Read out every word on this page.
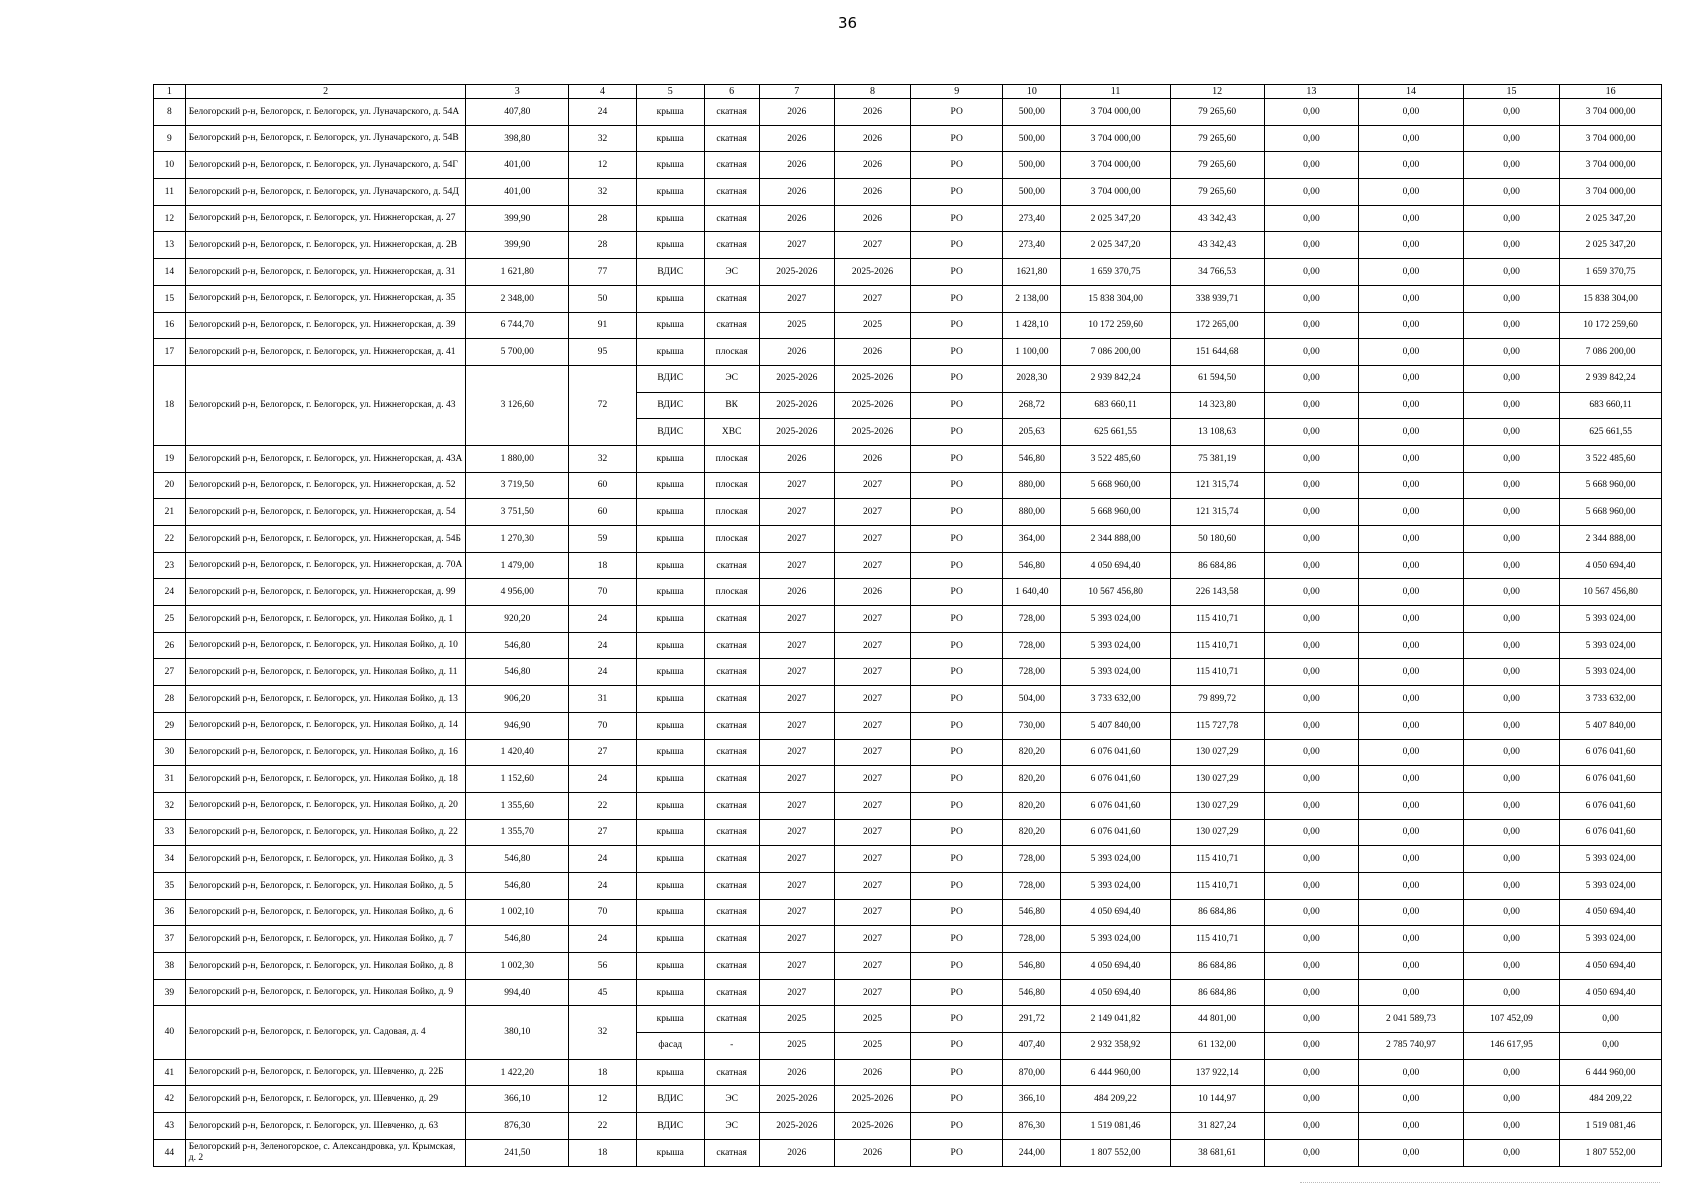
36
1	2	3	4	5	6	7	8	9	10	11	12	13	14	15	16
8	Белогорский р-н, Белогорск, г. Белогорск, ул. Луначарского, д. 54А	407,80	24	крыша	скатная	2026	2026	РО	500,00	3 704 000,00	79 265,60	0,00	0,00	0,00	3 704 000,00
9	Белогорский р-н, Белогорск, г. Белогорск, ул. Луначарского, д. 54В	398,80	32	крыша	скатная	2026	2026	РО	500,00	3 704 000,00	79 265,60	0,00	0,00	0,00	3 704 000,00
10	Белогорский р-н, Белогорск, г. Белогорск, ул. Луначарского, д. 54Г	401,00	12	крыша	скатная	2026	2026	РО	500,00	3 704 000,00	79 265,60	0,00	0,00	0,00	3 704 000,00
11	Белогорский р-н, Белогорск, г. Белогорск, ул. Луначарского, д. 54Д	401,00	32	крыша	скатная	2026	2026	РО	500,00	3 704 000,00	79 265,60	0,00	0,00	0,00	3 704 000,00
12	Белогорский р-н, Белогорск, г. Белогорск, ул. Нижнегорская, д. 27	399,90	28	крыша	скатная	2026	2026	РО	273,40	2 025 347,20	43 342,43	0,00	0,00	0,00	2 025 347,20
13	Белогорский р-н, Белогорск, г. Белогорск, ул. Нижнегорская, д. 2В	399,90	28	крыша	скатная	2027	2027	РО	273,40	2 025 347,20	43 342,43	0,00	0,00	0,00	2 025 347,20
14	Белогорский р-н, Белогорск, г. Белогорск, ул. Нижнегорская, д. 31	1 621,80	77	ВДИС	ЭС	2025-2026	2025-2026	РО	1621,80	1 659 370,75	34 766,53	0,00	0,00	0,00	1 659 370,75
15	Белогорский р-н, Белогорск, г. Белогорск, ул. Нижнегорская, д. 35	2 348,00	50	крыша	скатная	2027	2027	РО	2 138,00	15 838 304,00	338 939,71	0,00	0,00	0,00	15 838 304,00
16	Белогорский р-н, Белогорск, г. Белогорск, ул. Нижнегорская, д. 39	6 744,70	91	крыша	скатная	2025	2025	РО	1 428,10	10 172 259,60	172 265,00	0,00	0,00	0,00	10 172 259,60
17	Белогорский р-н, Белогорск, г. Белогорск, ул. Нижнегорская, д. 41	5 700,00	95	крыша	плоская	2026	2026	РО	1 100,00	7 086 200,00	151 644,68	0,00	0,00	0,00	7 086 200,00
18	Белогорский р-н, Белогорск, г. Белогорск, ул. Нижнегорская, д. 43	3 126,60	72	ВДИС	ЭС	2025-2026	2025-2026	РО	2028,30	2 939 842,24	61 594,50	0,00	0,00	0,00	2 939 842,24
				ВДИС	ВК	2025-2026	2025-2026	РО	268,72	683 660,11	14 323,80	0,00	0,00	0,00	683 660,11
				ВДИС	ХВС	2025-2026	2025-2026	РО	205,63	625 661,55	13 108,63	0,00	0,00	0,00	625 661,55
19	Белогорский р-н, Белогорск, г. Белогорск, ул. Нижнегорская, д. 43А	1 880,00	32	крыша	плоская	2026	2026	РО	546,80	3 522 485,60	75 381,19	0,00	0,00	0,00	3 522 485,60
20	Белогорский р-н, Белогорск, г. Белогорск, ул. Нижнегорская, д. 52	3 719,50	60	крыша	плоская	2027	2027	РО	880,00	5 668 960,00	121 315,74	0,00	0,00	0,00	5 668 960,00
21	Белогорский р-н, Белогорск, г. Белогорск, ул. Нижнегорская, д. 54	3 751,50	60	крыша	плоская	2027	2027	РО	880,00	5 668 960,00	121 315,74	0,00	0,00	0,00	5 668 960,00
22	Белогорский р-н, Белогорск, г. Белогорск, ул. Нижнегорская, д. 54Б	1 270,30	59	крыша	плоская	2027	2027	РО	364,00	2 344 888,00	50 180,60	0,00	0,00	0,00	2 344 888,00
23	Белогорский р-н, Белогорск, г. Белогорск, ул. Нижнегорская, д. 70А	1 479,00	18	крыша	скатная	2027	2027	РО	546,80	4 050 694,40	86 684,86	0,00	0,00	0,00	4 050 694,40
24	Белогорский р-н, Белогорск, г. Белогорск, ул. Нижнегорская, д. 99	4 956,00	70	крыша	плоская	2026	2026	РО	1 640,40	10 567 456,80	226 143,58	0,00	0,00	0,00	10 567 456,80
25	Белогорский р-н, Белогорск, г. Белогорск, ул. Николая Бойко, д. 1	920,20	24	крыша	скатная	2027	2027	РО	728,00	5 393 024,00	115 410,71	0,00	0,00	0,00	5 393 024,00
26	Белогорский р-н, Белогорск, г. Белогорск, ул. Николая Бойко, д. 10	546,80	24	крыша	скатная	2027	2027	РО	728,00	5 393 024,00	115 410,71	0,00	0,00	0,00	5 393 024,00
27	Белогорский р-н, Белогорск, г. Белогорск, ул. Николая Бойко, д. 11	546,80	24	крыша	скатная	2027	2027	РО	728,00	5 393 024,00	115 410,71	0,00	0,00	0,00	5 393 024,00
28	Белогорский р-н, Белогорск, г. Белогорск, ул. Николая Бойко, д. 13	906,20	31	крыша	скатная	2027	2027	РО	504,00	3 733 632,00	79 899,72	0,00	0,00	0,00	3 733 632,00
29	Белогорский р-н, Белогорск, г. Белогорск, ул. Николая Бойко, д. 14	946,90	70	крыша	скатная	2027	2027	РО	730,00	5 407 840,00	115 727,78	0,00	0,00	0,00	5 407 840,00
30	Белогорский р-н, Белогорск, г. Белогорск, ул. Николая Бойко, д. 16	1 420,40	27	крыша	скатная	2027	2027	РО	820,20	6 076 041,60	130 027,29	0,00	0,00	0,00	6 076 041,60
31	Белогорский р-н, Белогорск, г. Белогорск, ул. Николая Бойко, д. 18	1 152,60	24	крыша	скатная	2027	2027	РО	820,20	6 076 041,60	130 027,29	0,00	0,00	0,00	6 076 041,60
32	Белогорский р-н, Белогорск, г. Белогорск, ул. Николая Бойко, д. 20	1 355,60	22	крыша	скатная	2027	2027	РО	820,20	6 076 041,60	130 027,29	0,00	0,00	0,00	6 076 041,60
33	Белогорский р-н, Белогорск, г. Белогорск, ул. Николая Бойко, д. 22	1 355,70	27	крыша	скатная	2027	2027	РО	820,20	6 076 041,60	130 027,29	0,00	0,00	0,00	6 076 041,60
34	Белогорский р-н, Белогорск, г. Белогорск, ул. Николая Бойко, д. 3	546,80	24	крыша	скатная	2027	2027	РО	728,00	5 393 024,00	115 410,71	0,00	0,00	0,00	5 393 024,00
35	Белогорский р-н, Белогорск, г. Белогорск, ул. Николая Бойко, д. 5	546,80	24	крыша	скатная	2027	2027	РО	728,00	5 393 024,00	115 410,71	0,00	0,00	0,00	5 393 024,00
36	Белогорский р-н, Белогорск, г. Белогорск, ул. Николая Бойко, д. 6	1 002,10	70	крыша	скатная	2027	2027	РО	546,80	4 050 694,40	86 684,86	0,00	0,00	0,00	4 050 694,40
37	Белогорский р-н, Белогорск, г. Белогорск, ул. Николая Бойко, д. 7	546,80	24	крыша	скатная	2027	2027	РО	728,00	5 393 024,00	115 410,71	0,00	0,00	0,00	5 393 024,00
38	Белогорский р-н, Белогорск, г. Белогорск, ул. Николая Бойко, д. 8	1 002,30	56	крыша	скатная	2027	2027	РО	546,80	4 050 694,40	86 684,86	0,00	0,00	0,00	4 050 694,40
39	Белогорский р-н, Белогорск, г. Белогорск, ул. Николая Бойко, д. 9	994,40	45	крыша	скатная	2027	2027	РО	546,80	4 050 694,40	86 684,86	0,00	0,00	0,00	4 050 694,40
40	Белогорский р-н, Белогорск, г. Белогорск, ул. Садовая, д. 4	380,10	32	крыша	скатная	2025	2025	РО	291,72	2 149 041,82	44 801,00	0,00	2 041 589,73	107 452,09	0,00
				фасад	-	2025	2025	РО	407,40	2 932 358,92	61 132,00	0,00	2 785 740,97	146 617,95	0,00
41	Белогорский р-н, Белогорск, г. Белогорск, ул. Шевченко, д. 22Б	1 422,20	18	крыша	скатная	2026	2026	РО	870,00	6 444 960,00	137 922,14	0,00	0,00	0,00	6 444 960,00
42	Белогорский р-н, Белогорск, г. Белогорск, ул. Шевченко, д. 29	366,10	12	ВДИС	ЭС	2025-2026	2025-2026	РО	366,10	484 209,22	10 144,97	0,00	0,00	0,00	484 209,22
43	Белогорский р-н, Белогорск, г. Белогорск, ул. Шевченко, д. 63	876,30	22	ВДИС	ЭС	2025-2026	2025-2026	РО	876,30	1 519 081,46	31 827,24	0,00	0,00	0,00	1 519 081,46
44	Белогорский р-н, Зеленогорское, с. Александровка, ул. Крымская, д. 2	241,50	18	крыша	скатная	2026	2026	РО	244,00	1 807 552,00	38 681,61	0,00	0,00	0,00	1 807 552,00
